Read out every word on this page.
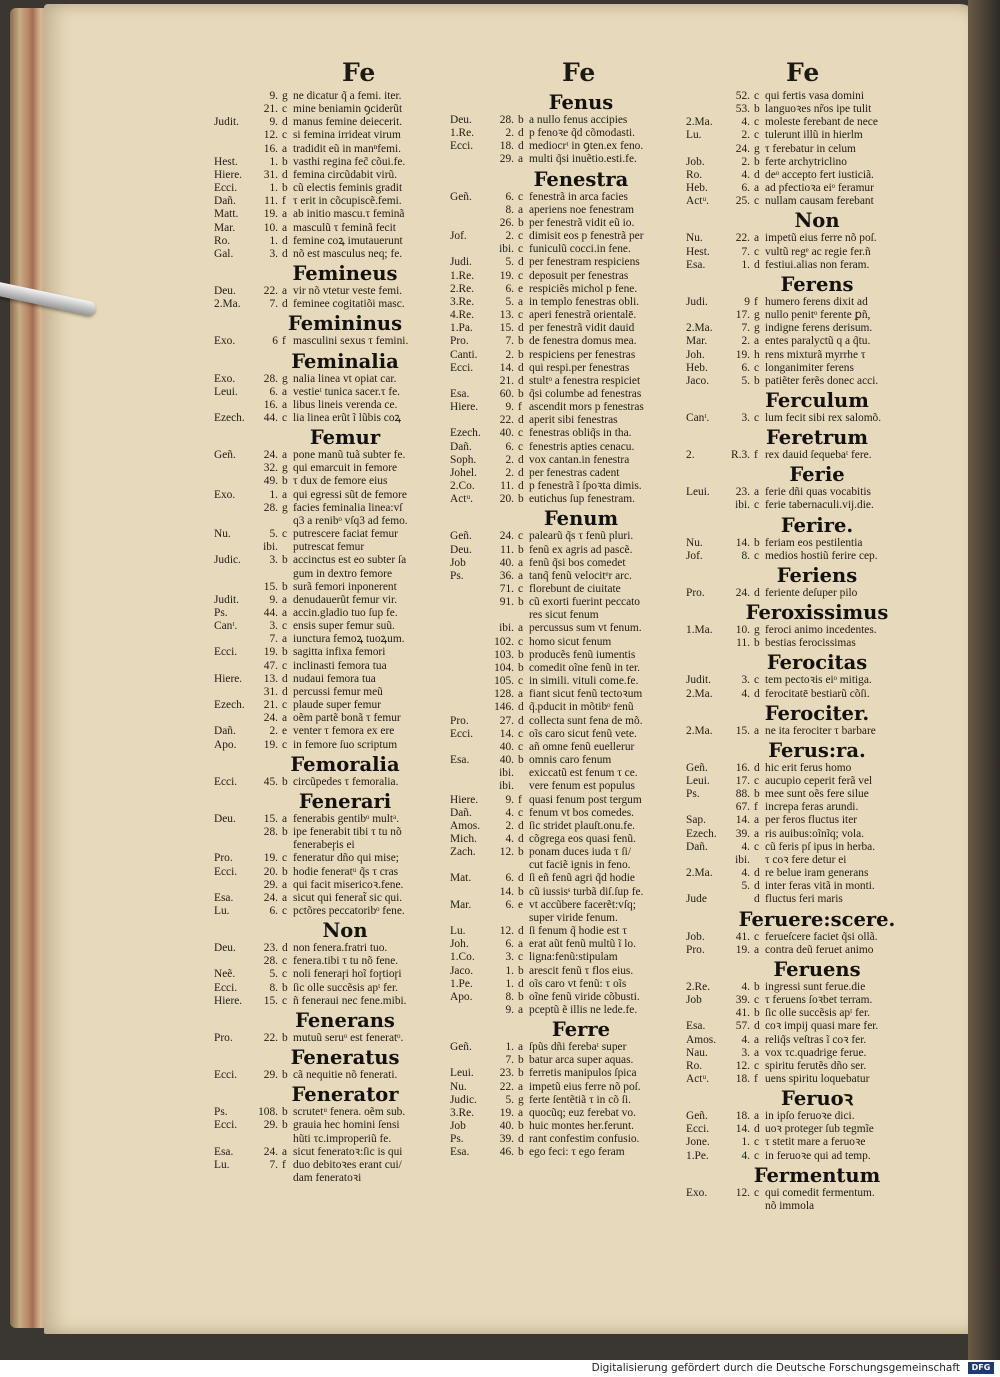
Fe	Fe	Fe
9. g ne dicatur q̃ a femi. iter.
21. c mine beniamin ꝯciderũt
Judit.	9. d manus femine deiecerit.
12. c si femina irrideat virum
16. a tradidit eũ in manⁿfemi.
Hest.	1. b vasthi regina fec̃ cõui.fe.
Hiere.	31. d femina circũdabit virũ.
Ecci.	1. b cũ electis feminis gradit
Dañ.	11. f τ erit in cõcupiscẽ.femi.
Matt.	19. a ab initio mascu.τ feminã
Mar.	10. a masculũ τ feminã fecit
Ro.	1. d femine coꝝ imutauerunt
Gal.	3. d nõ est masculus neq; fe.
Femineus
Deu.	22. a vir nõ vtetur veste femi.
2.Ma.	7. d feminee cogitatiõi masc.
Femininus
Exo.	6 f masculini sexus τ femini.
Feminalia
Exo.	28. g nalia linea vt opiat car.
Leui.	6. a vestieᵗ tunica sacer.τ fe.
16. a libus lineis verenda ce.
Ezech.	44. c lia linea erũt ĩ lũbis coꝝ
Femur
Geñ.	24. a pone manũ tuã subter fe.
32. g qui emarcuit in femore
49. b τ dux de femore eius
Exo.	1. a qui egressi sũt de femore
28. g facies feminalia linea:vſ
q3 a renibᵒ vſq3 ad femo.
Nu.	5. c putrescere faciat femur
ibi.	putrescat femur
Judic.	3. b accinctus est eo subter ſa
gum in dextro femore
15. b surã femori inponerent
Judit.	9. a denudauerũt femur vir.
Ps.	44. a accin.gladio tuo ſup fe.
Canᵗ.	3. c ensis super femur suũ.
7. a iunctura femoꝝ tuoꝝum.
Ecci.	19. b sagitta infixa femori
47. c inclinasti femora tua
Hiere.	13. d nudaui femora tua
31. d percussi femur meũ
Ezech.	21. c plaude super femur
24. a oẽm partẽ bonã τ femur
Dañ.	2. e venter τ femora ex ere
Apo.	19. c in femore ſuo scriptum
Femoralia
Ecci.	45. b circũpedes τ femoralia.
Fenerari
Deu.	15. a fenerabis gentibᵒ multᵃ.
28. b ipe fenerabit tibi τ tu nõ
fenerabeɼis ei
Pro.	19. c feneratur dño qui mise;
Ecci.	20. b hodie feneratᵘ q̃s τ cras
29. a qui facit misericoꝛ.fene.
Esa.	24. a sicut qui fenerat̃ sic qui.
Lu.	6. c pctõres peccatoribᵒ fene.
Non
Deu.	23. d non fenera.fratri tuo.
28. c fenera.tibi τ tu nõ fene.
Neẽ.	5. c noli feneraɼi hoĩ foɼtioɼi
Ecci.	8. b ſic olle succẽsis apᵗ fer.
Hiere.	15. c ñ feneraui nec fene.mibi.
Fenerans
Pro.	22. b mutuũ seruᵒ est feneratᵒ.
Feneratus
Ecci.	29. b cã nequitie nõ fenerati.
Fenerator
Ps.	108. b scrutetᵘ fenera. oẽm sub.
Ecci.	29. b grauia hec homini ſensi
hũti τc.improperiũ fe.
Esa.	24. a sicut feneratoꝛ:ſic is qui
Lu.	7. f duo debitoꝛes erant cui/
dam feneratoꝛi
Fenus
Deu.	28. b a nullo fenus accipies
1.Re.	2. d p fenoꝛe q̃d cõmodasti.
Ecci.	18. d mediocrᵗ in ꝯten.ex feno.
29. a multi q̃si inuẽtio.esti.fe.
Fenestra
Geñ.	6. c fenestrã in arca facies
8. a aperiens noe fenestram
26. b per fenestrã vidit eũ io.
Jof.	2. c dimisit eos p fenestrã per
ibi. c funiculũ cocci.in fene.
Judi.	5. d per fenestram respiciens
1.Re.	19. c deposuit per fenestras
2.Re.	6. e respiciẽs michol p fene.
3.Re.	5. a in templo fenestras obli.
4.Re.	13. c aperi fenestrã orientalē.
1.Pa.	15. d per fenestrã vidit dauid
Pro.	7. b de fenestra domus mea.
Canti.	2. b respiciens per fenestras
Ecci.	14. d qui respi.per fenestras
21. d stultᵒ a fenestra respiciet
Esa.	60. b q̃si columbe ad fenestras
Hiere.	9. f ascendit mors p fenestras
22. d aperit sibi fenestras
Ezech.	40. c fenestras obliq̃s in tha.
Dañ.	6. c fenestris apties cenacu.
Soph.	2. d vox cantan.in fenestra
Johel.	2. d per fenestras cadent
2.Co.	11. d p fenestrã ĩ ſpoꝛta dimis.
Actᵘ.	20. b eutichus ſup fenestram.
Fenum
Geñ.	24. c palearũ q̃s τ fenũ pluri.
Deu.	11. b fenũ ex agris ad pascẽ.
Job	40. a fenũ q̃si bos comedet
Ps.	36. a tanq̃ fenũ velocitᵉr arc.
71. c florebunt de ciuitate
91. b cũ exorti fuerint peccato
res sicut fenum
ibi. a percussus sum vt fenum.
102. c homo sicut fenum
103. b producẽs fenũ iumentis
104. b comedit oĩne fenũ in ter.
105. c in simili. vituli come.fe.
128. a fiant sicut fenũ tectoꝛum
146. d q̃.pducit in mõtibᵒ fenũ
Pro.	27. d collecta sunt fena de mõ.
Ecci.	14. c oĩs caro sicut fenũ vete.
40. c añ omne fenũ euellerur
Esa.	40. b omnis caro fenum
ibi.	exiccatũ est fenum τ ce.
ibi.	vere fenum est populus
Hiere.	9. f quasi fenum post tergum
Dañ.	4. c fenum vt bos comedes.
Amos.	2. d ſic stridet plauſt.onu.fe.
Mich.	4. d cõgrega eos quasi fenũ.
Zach.	12. b ponam duces iuda τ ſi/
cut faciẽ ignis in feno.
Mat.	6. d ſi eñ fenũ agri q̃d hodie
14. b cũ iussisˢ turbã diſ.ſup fe.
Mar.	6. e vt accũbere facerẽt:vſq;
super viride fenum.
Lu.	12. d ſi fenum q̃ hodie est τ
Joh.	6. a erat aũt fenũ multũ ĩ lo.
1.Co.	3. c ligna:fenũ:stipulam
Jaco.	1. b arescit fenũ τ flos eius.
1.Pe.	1. d oĩs caro vt fenũ: τ oĩs
Apo.	8. b oĩne fenũ viride cõbusti.
9. a pceptũ ẽ illis ne lede.fe.
Ferre
Geñ.	1. a ſpũs dñi ferebaᵗ super
7. b batur arca super aquas.
Leui.	23. b ferretis manipulos ſpica
Nu.	22. a impetũ eius ferre nõ poſ.
Judic.	5. g ferte ſentẽtiã τ in cõ ſi.
3.Re.	19. a quocũq; euz ferebat vo.
Job	40. b huic montes her.ferunt.
Ps.	39. d rant confestim confusio.
Esa.	46. b ego feci: τ ego feram
52. c qui fertis vasa domini
53. b languoꝛes nr̃os ipe tulit
2.Ma.	4. c moleste ferebant de nece
Lu.	2. c tulerunt illũ in hierlm
24. g τ ferebatur in celum
Job.	2. b ferte archytriclino
Ro.	4. d deᵒ accepto fert iusticiã.
Heb.	6. a ad pfectioꝛa eiᵒ feramur
Actᵘ.	25. c nullam causam ferebant
Non
Nu.	22. a impetũ eius ferre nõ poſ.
Hest.	7. c vultũ regᵉ ac regie fer.ñ
Esa.	1. d festiui.alias non feram.
Ferens
Judi.	9 f humero ferens dixit ad
17. g nullo penitᵒ ferente ꝑñ,
2.Ma.	7. g indigne ferens derisum.
Mar.	2. a entes paralyctũ q a q̃tu.
Joh.	19. h rens mixturã myrrhe τ
Heb.	6. c longanimiter ferens
Jaco.	5. b patiẽter ferẽs donec acci.
Ferculum
Canᵗ.	3. c lum fecit sibi rex salomõ.
Feretrum
2.	R.3. f rex dauid ſequebaᵗ fere.
Ferie
Leui.	23. a ferie dñi quas vocabitis
ibi. c ferie tabernaculi.vij.die.
Ferire.
Nu.	14. b feriam eos pestilentia
Jof.	8. c medios hostiũ ferire cep.
Feriens
Pro.	24. d feriente deſuper pilo
Feroxissimus
1.Ma.	10. g feroci animo incedentes.
11. b bestias ferocissimas
Ferocitas
Judit.	3. c tem pectoꝛis eiᵒ mitiga.
2.Ma.	4. d ferocitatē bestiarũ cõſi.
Ferociter.
2.Ma.	15. a ne ita ferociter τ barbare
Ferus:ra.
Geñ.	16. d hic erit ferus homo
Leui.	17. c aucupio ceperit ferã vel
Ps.	88. b mee sunt oẽs fere silue
67. f increpa feras arundi.
Sap.	14. a per feros fluctus iter
Ezech.	39. a ris auibus:oĩnĩq; vola.
Dañ.	4. c cũ feris pſ ipus in herba.
ibi.	τ coꝛ fere detur ei
2.Ma.	4. d re belue iram generans
5. d inter feras vitã in monti.
Jude	d fluctus feri maris
Feruere:scere.
Job.	41. c ferueſcere faciet q̃si ollã.
Pro.	19. a contra deũ feruet animo
Feruens
2.Re.	4. b ingressi sunt ferue.die
Job	39. c τ feruens ſoꝛbet terram.
41. b ſic olle succẽsis apᵗ fer.
Esa.	57. d coꝛ impij quasi mare fer.
Amos.	4. a reliq̃s veſtras ĩ coꝛ fer.
Nau.	3. a vox τc.quadrige ferue.
Ro.	12. c spiritu ferutẽs dño ser.
Actᵘ.	18. f uens spiritu loquebatur
Feruoꝛ
Geñ.	18. a in ipſo feruoꝛe dici.
Ecci.	14. d uoꝛ proteger ſub tegmĩe
Jone.	1. c τ stetit mare a feruoꝛe
1.Pe.	4. c in feruoꝛe qui ad temp.
Fermentum
Exo.	12. c qui comedit fermentum.
nõ immola
Digitalisierung gefördert durch die Deutsche Forschungsgemeinschaft	DFG
